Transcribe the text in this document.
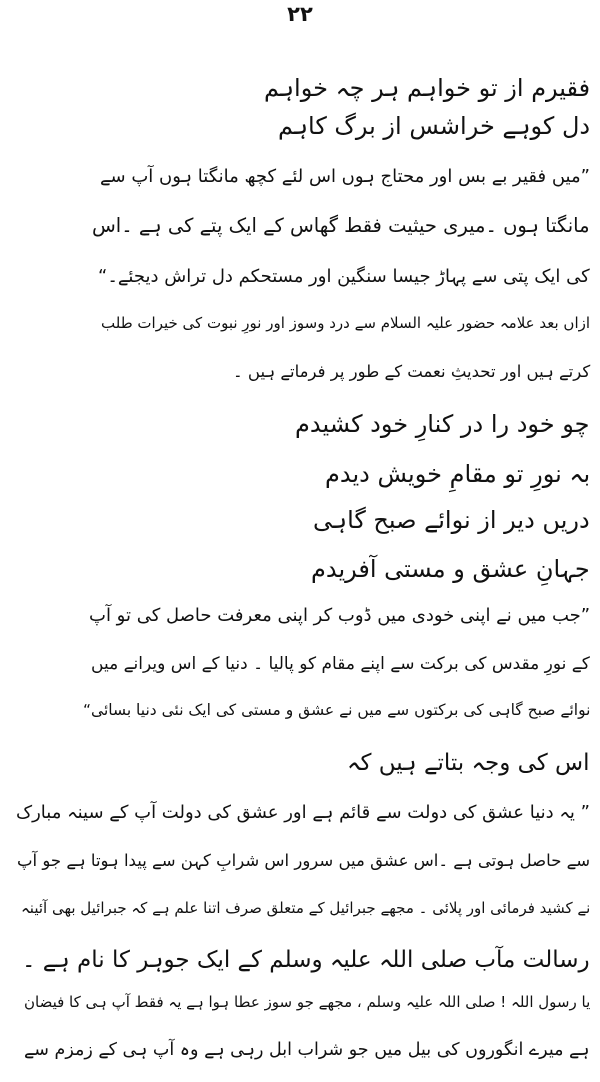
۲۲
فقیرم از تو خواہم ہر چہ خواہم
دل کوہے خراشس از برگ کاہم
”میں فقیر بے بس اور محتاج ہوں اس لئے کچھ مانگتا ہوں آپ سے
مانگتا ہوں ۔میری حیثیت فقط گھاس کے ایک پتے کی ہے ۔اس
کی ایک پتی سے پہاڑ جیسا سنگین اور مستحکم دل تراش دیجئے۔“
ازاں بعد علامہ حضور علیہ السلام سے درد وسوز اور نورِ نبوت کی خیرات طلب
کرتے ہیں اور تحدیثِ نعمت کے طور پر فرماتے ہیں ۔
چو خود را در کنارِ خود کشیدم
بہ نورِ تو مقامِ خویش دیدم
دریں دیر از نوائے صبح گاہی
جہانِ عشق و مستی آفریدم
”جب میں نے اپنی خودی میں ڈوب کر اپنی معرفت حاصل کی تو آپ
کے نورِ مقدس کی برکت سے اپنے مقام کو پالیا ۔ دنیا کے اس ویرانے میں
نوائے صبح گاہی کی برکتوں سے میں نے عشق و مستی کی ایک نئی دنیا بسائی“
اس کی وجہ بتاتے ہیں کہ
” یہ دنیا عشق کی دولت سے قائم ہے اور عشق کی دولت آپ کے سینہ مبارک
سے حاصل ہوتی ہے ۔اس عشق میں سرور اس شرابِ کہن سے پیدا ہوتا ہے جو آپ
نے کشید فرمائی اور پلائی ۔ مجھے جبرائیل کے متعلق صرف اتنا علم ہے کہ جبرائیل بھی آئینہ
رسالت مآب صلی اللہ علیہ وسلم کے ایک جوہر کا نام ہے ۔
یا رسول اللہ ! صلی اللہ علیہ وسلم ، مجھے جو سوز عطا ہوا ہے یہ فقط آپ ہی کا فیضان
ہے میرے انگوروں کی بیل میں جو شراب ابل رہی ہے وہ آپ ہی کے زمزم سے
